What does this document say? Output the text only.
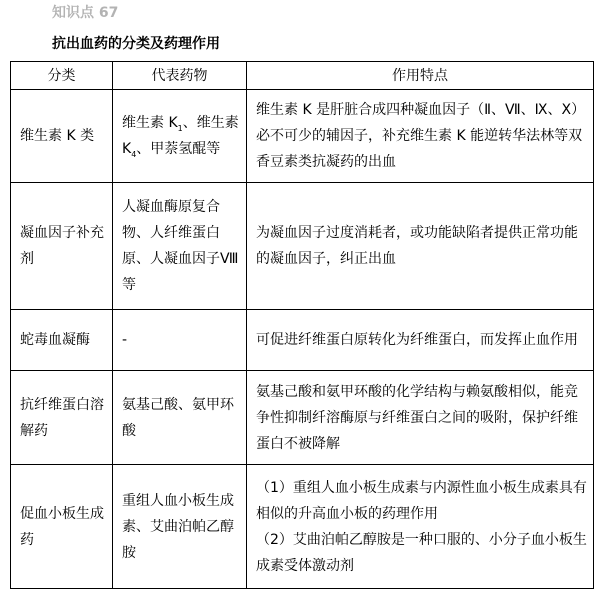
知识点 67
抗出血药的分类及药理作用
分类	代表药物	作用特点
维生素 K 类	维生素 $K_1$、维生素 $K_4$、甲萘氢醌等	维生素 K 是肝脏合成四种凝血因子（Ⅱ、Ⅶ、Ⅸ、Ⅹ）必不可少的辅因子，补充维生素 K 能逆转华法林等双香豆素类抗凝药的出血
凝血因子补充剂	人凝血酶原复合物、人纤维蛋白原、人凝血因子Ⅷ等	为凝血因子过度消耗者，或功能缺陷者提供正常功能的凝血因子，纠正出血
蛇毒血凝酶	-	可促进纤维蛋白原转化为纤维蛋白，而发挥止血作用
抗纤维蛋白溶解药	氨基己酸、氨甲环酸	氨基己酸和氨甲环酸的化学结构与赖氨酸相似，能竞争性抑制纤溶酶原与纤维蛋白之间的吸附，保护纤维蛋白不被降解
促血小板生成药	重组人血小板生成素、艾曲泊帕乙醇胺	（1）重组人血小板生成素与内源性血小板生成素具有相似的升高血小板的药理作用
（2）艾曲泊帕乙醇胺是一种口服的、小分子血小板生成素受体激动剂
